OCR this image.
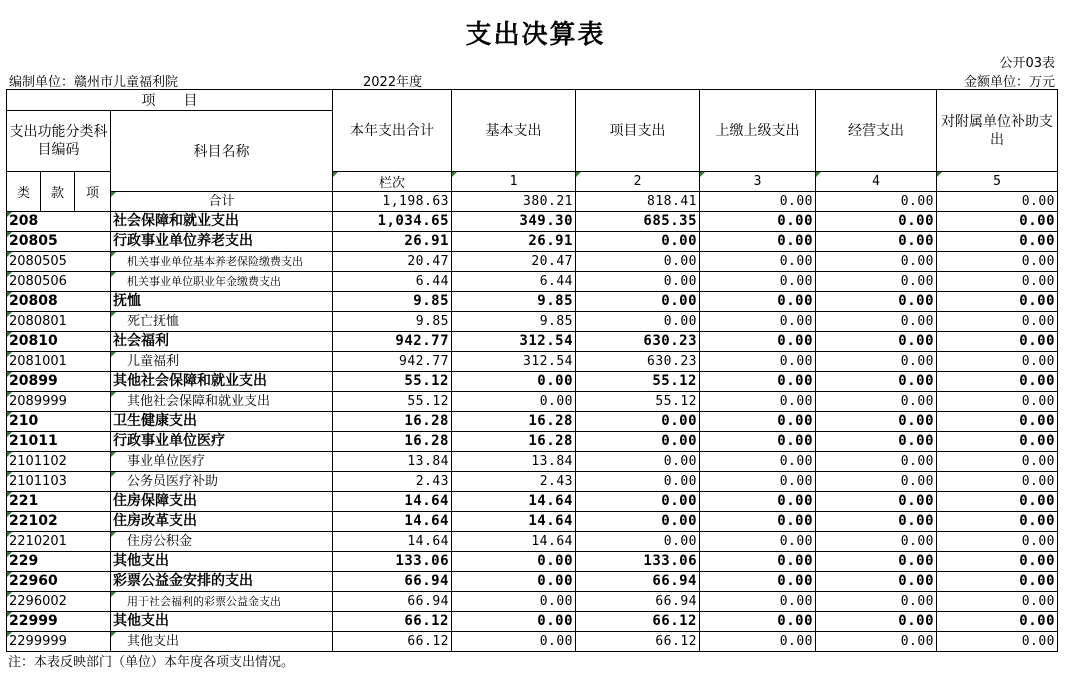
支出决算表
公开03表
编制单位：赣州市儿童福利院	2022年度	金额单位：万元
项　　目				本年支出合计	基本支出	项目支出	上缴上级支出	经营支出	对附属单位补助支出	
支出功能分类科目编码			科目名称							
类	款	项		栏次	1	2	3	4	5	
			合计	1,198.63	380.21	818.41	0.00	0.00	0.00	
208			社会保障和就业支出	1,034.65	349.30	685.35	0.00	0.00	0.00	
20805			行政事业单位养老支出	26.91	26.91	0.00	0.00	0.00	0.00	
2080505			机关事业单位基本养老保险缴费支出	20.47	20.47	0.00	0.00	0.00	0.00	
2080506			机关事业单位职业年金缴费支出	6.44	6.44	0.00	0.00	0.00	0.00	
20808			抚恤	9.85	9.85	0.00	0.00	0.00	0.00	
2080801			死亡抚恤	9.85	9.85	0.00	0.00	0.00	0.00	
20810			社会福利	942.77	312.54	630.23	0.00	0.00	0.00	
2081001			儿童福利	942.77	312.54	630.23	0.00	0.00	0.00	
20899			其他社会保障和就业支出	55.12	0.00	55.12	0.00	0.00	0.00	
2089999			其他社会保障和就业支出	55.12	0.00	55.12	0.00	0.00	0.00	
210			卫生健康支出	16.28	16.28	0.00	0.00	0.00	0.00	
21011			行政事业单位医疗	16.28	16.28	0.00	0.00	0.00	0.00	
2101102			事业单位医疗	13.84	13.84	0.00	0.00	0.00	0.00	
2101103			公务员医疗补助	2.43	2.43	0.00	0.00	0.00	0.00	
221			住房保障支出	14.64	14.64	0.00	0.00	0.00	0.00	
22102			住房改革支出	14.64	14.64	0.00	0.00	0.00	0.00	
2210201			住房公积金	14.64	14.64	0.00	0.00	0.00	0.00	
229			其他支出	133.06	0.00	133.06	0.00	0.00	0.00	
22960			彩票公益金安排的支出	66.94	0.00	66.94	0.00	0.00	0.00	
2296002			用于社会福利的彩票公益金支出	66.94	0.00	66.94	0.00	0.00	0.00	
22999			其他支出	66.12	0.00	66.12	0.00	0.00	0.00	
2299999			其他支出	66.12	0.00	66.12	0.00	0.00	0.00	
注：本表反映部门（单位）本年度各项支出情况。
